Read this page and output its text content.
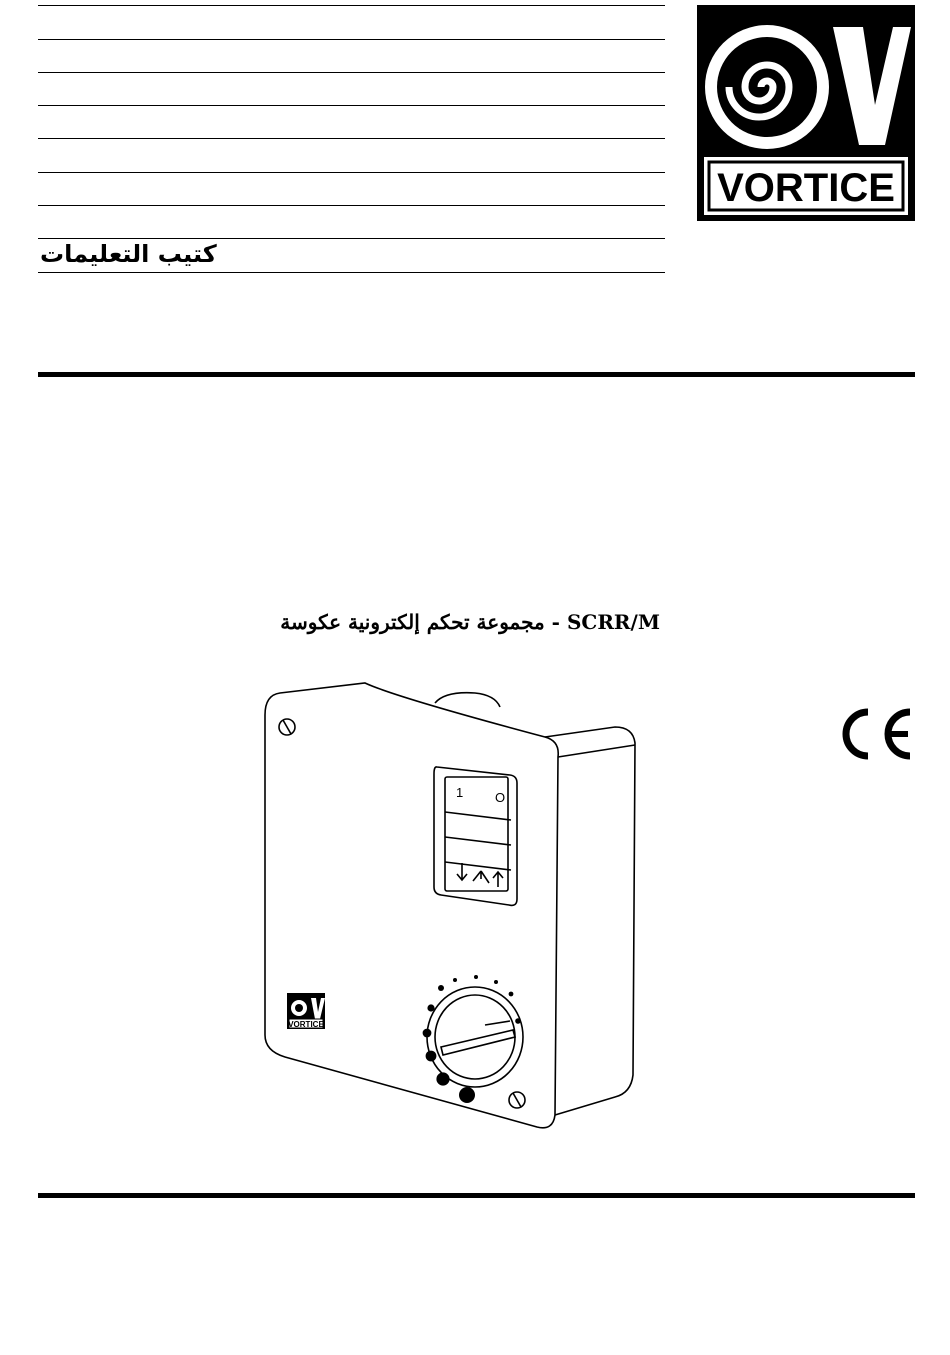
كتيب التعليمات
VORTICE
SCRR/M - مجموعة تحكم إلكترونية عكوسة
1 O
VORTICE
